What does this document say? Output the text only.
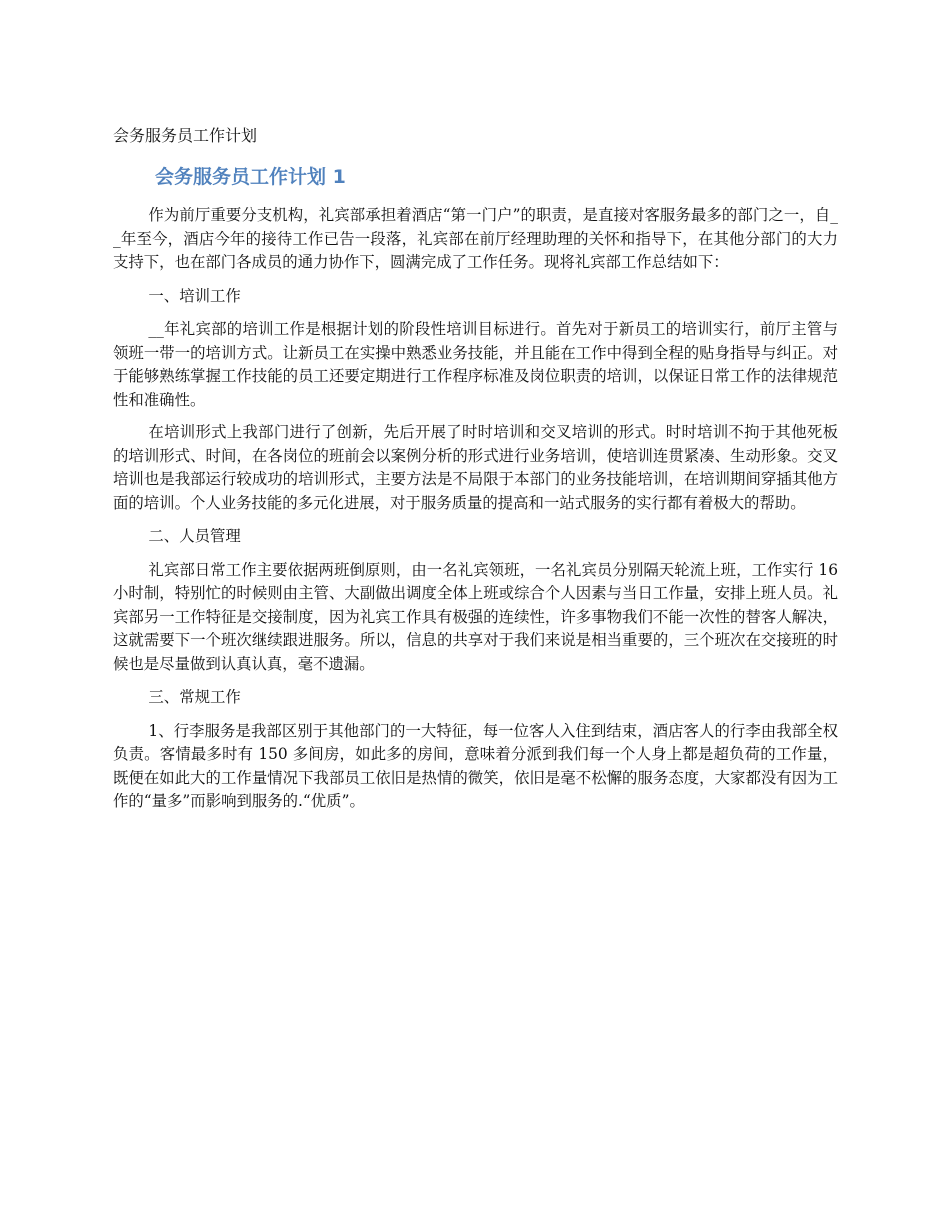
会务服务员工作计划
会务服务员工作计划 1

作为前厅重要分支机构，礼宾部承担着酒店“第一门户”的职责，是直接对客服务最多的部门之一，自__年至今，酒店今年的接待工作已告一段落，礼宾部在前厅经理助理的关怀和指导下，在其他分部门的大力支持下，也在部门各成员的通力协作下，圆满完成了工作任务。现将礼宾部工作总结如下：

一、培训工作

__年礼宾部的培训工作是根据计划的阶段性培训目标进行。首先对于新员工的培训实行，前厅主管与领班一带一的培训方式。让新员工在实操中熟悉业务技能，并且能在工作中得到全程的贴身指导与纠正。对于能够熟练掌握工作技能的员工还要定期进行工作程序标准及岗位职责的培训，以保证日常工作的法律规范性和准确性。

在培训形式上我部门进行了创新，先后开展了时时培训和交叉培训的形式。时时培训不拘于其他死板的培训形式、时间，在各岗位的班前会以案例分析的形式进行业务培训，使培训连贯紧凑、生动形象。交叉培训也是我部运行较成功的培训形式，主要方法是不局限于本部门的业务技能培训，在培训期间穿插其他方面的培训。个人业务技能的多元化进展，对于服务质量的提高和一站式服务的实行都有着极大的帮助。

二、人员管理

礼宾部日常工作主要依据两班倒原则，由一名礼宾领班，一名礼宾员分别隔天轮流上班，工作实行 16 小时制，特别忙的时候则由主管、大副做出调度全体上班或综合个人因素与当日工作量，安排上班人员。礼宾部另一工作特征是交接制度，因为礼宾工作具有极强的连续性，许多事物我们不能一次性的替客人解决，这就需要下一个班次继续跟进服务。所以，信息的共享对于我们来说是相当重要的，三个班次在交接班的时候也是尽量做到认真认真，毫不遗漏。

三、常规工作

1、行李服务是我部区别于其他部门的一大特征，每一位客人入住到结束，酒店客人的行李由我部全权负责。客情最多时有 150 多间房，如此多的房间，意味着分派到我们每一个人身上都是超负荷的工作量，既便在如此大的工作量情况下我部员工依旧是热情的微笑，依旧是毫不松懈的服务态度，大家都没有因为工作的“量多”而影响到服务的.“优质”。
